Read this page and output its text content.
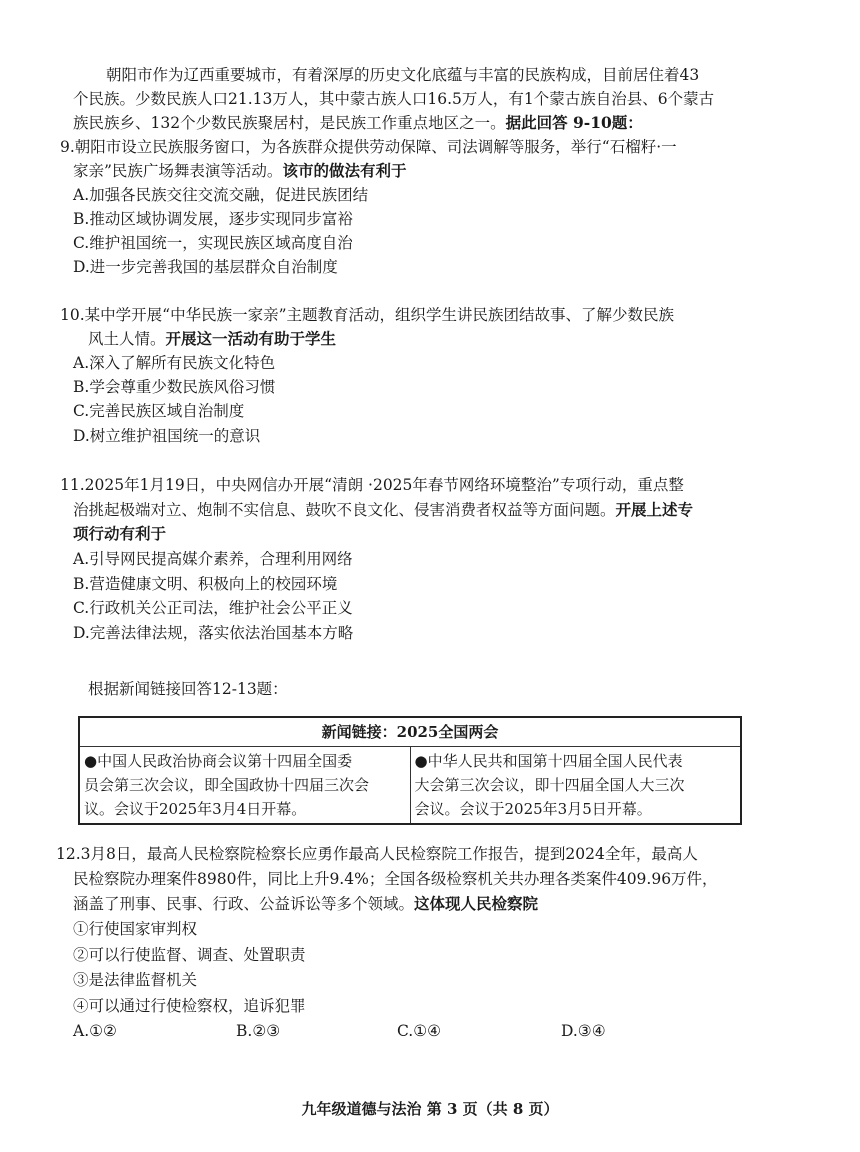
朝阳市作为辽西重要城市，有着深厚的历史文化底蕴与丰富的民族构成，目前居住着43
个民族。少数民族人口21.13万人，其中蒙古族人口16.5万人，有1个蒙古族自治县、6个蒙古
族民族乡、132个少数民族聚居村，是民族工作重点地区之一。据此回答 9-10题：
9.朝阳市设立民族服务窗口，为各族群众提供劳动保障、司法调解等服务，举行“石榴籽·一
家亲”民族广场舞表演等活动。该市的做法有利于
A.加强各民族交往交流交融，促进民族团结
B.推动区域协调发展，逐步实现同步富裕
C.维护祖国统一，实现民族区域高度自治
D.进一步完善我国的基层群众自治制度
10.某中学开展“中华民族一家亲”主题教育活动，组织学生讲民族团结故事、了解少数民族
风土人情。开展这一活动有助于学生
A.深入了解所有民族文化特色
B.学会尊重少数民族风俗习惯
C.完善民族区域自治制度
D.树立维护祖国统一的意识
11.2025年1月19日，中央网信办开展“清朗 ·2025年春节网络环境整治”专项行动，重点整
治挑起极端对立、炮制不实信息、鼓吹不良文化、侵害消费者权益等方面问题。开展上述专
项行动有利于
A.引导网民提高媒介素养，合理利用网络
B.营造健康文明、积极向上的校园环境
C.行政机关公正司法，维护社会公平正义
D.完善法律法规，落实依法治国基本方略
根据新闻链接回答12-13题：
新闻链接：2025全国两会

●中国人民政治协商会议第十四届全国委
员会第三次会议，即全国政协十四届三次会
议。会议于2025年3月4日开幕。

●中华人民共和国第十四届全国人民代表
大会第三次会议，即十四届全国人大三次
会议。会议于2025年3月5日开幕。
12.3月8日，最高人民检察院检察长应勇作最高人民检察院工作报告，提到2024全年，最高人
民检察院办理案件8980件，同比上升9.4%；全国各级检察机关共办理各类案件409.96万件，
涵盖了刑事、民事、行政、公益诉讼等多个领域。这体现人民检察院
①行使国家审判权
②可以行使监督、调查、处置职责
③是法律监督机关
④可以通过行使检察权，追诉犯罪
A.①②	B.②③	C.①④	D.③④
九年级道德与法治 第 3 页（共 8 页）
